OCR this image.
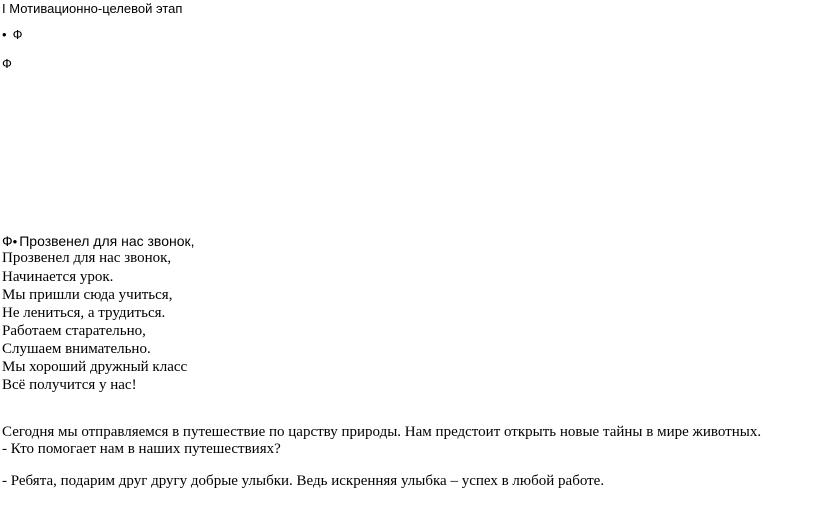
I Мотивационно-целевой этап

• Ф

Ф

Ф• Прозвенел для нас звонок,

Прозвенел для нас звонок,

Начинается урок.

Мы пришли сюда учиться,

Не лениться, а трудиться.

Работаем старательно,

Слушаем внимательно.

Мы хороший дружный класс

Всё получится у нас!

Сегодня мы отправляемся в путешествие по царству природы. Нам предстоит открыть новые тайны в мире животных.

- Кто помогает нам в наших путешествиях?

- Ребята, подарим друг другу добрые улыбки. Ведь искренняя улыбка – успех в любой работе.
